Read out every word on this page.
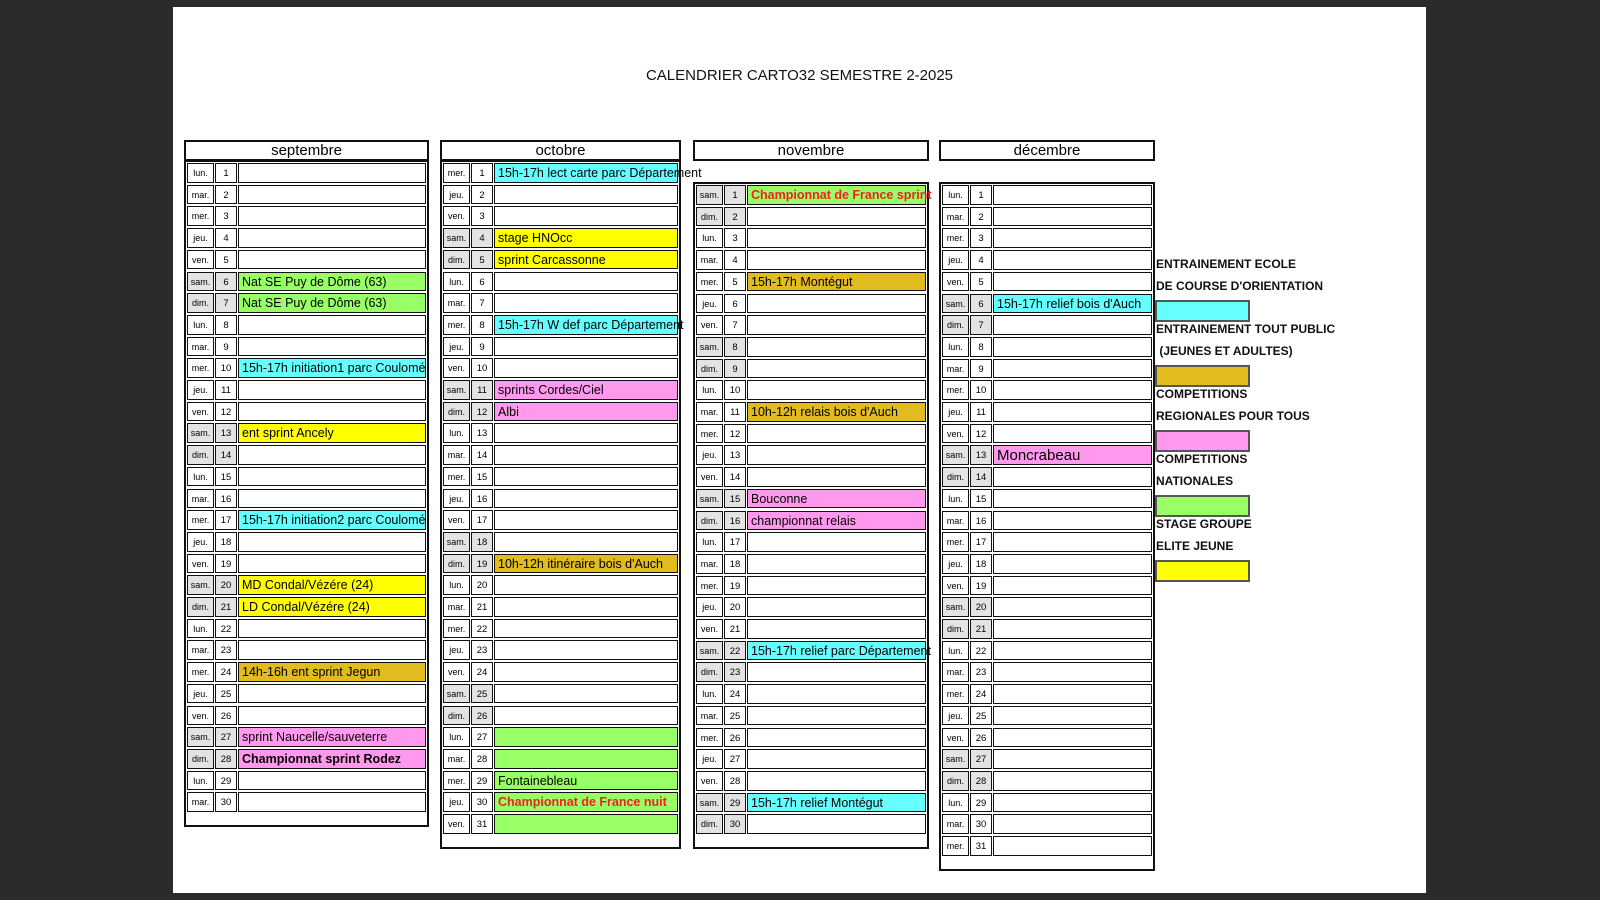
CALENDRIER CARTO32 SEMESTRE 2-2025
septembre
lun.	1
mar.	2
mer.	3
jeu.	4
ven.	5
sam.	6	Nat SE Puy de Dôme (63)
dim.	7	Nat SE Puy de Dôme (63)
lun.	8
mar.	9
mer.	10 15h-17h initiation1 parc Coulomé
jeu.	11
ven.	12
sam.	13 ent sprint Ancely
dim.	14
lun.	15
mar.	16
mer.	17 15h-17h initiation2 parc Coulomé
jeu.	18
ven.	19
sam.	20 MD Condal/Vézére (24)
dim.	21 LD Condal/Vézére (24)
lun.	22
mar.	23
mer.	24 14h-16h ent sprint Jegun
jeu.	25
ven.	26
sam.	27 sprint Naucelle/sauveterre
dim.	28 Championnat sprint Rodez
lun.	29
mar.	30
octobre
mer.	1	15h-17h lect carte parc Département
jeu.	2
ven.	3
sam.	4	stage HNOcc
dim.	5	sprint Carcassonne
lun.	6
mar.	7
mer.	8	15h-17h W def parc Département
jeu.	9
ven.	10
sam.	11 sprints Cordes/Ciel
dim.	12 Albi
lun.	13
mar.	14
mer.	15
jeu.	16
ven.	17
sam.	18
dim.	19 10h-12h itinéraire bois d'Auch
lun.	20
mar.	21
mer.	22
jeu.	23
ven.	24
sam.	25
dim.	26
lun.	27
mar.	28
mer.	29 Fontainebleau
jeu.	30 Championnat de France nuit
ven.	31
novembre
sam.	1	Championnat de France sprint
dim.	2
lun.	3
mar.	4
mer.	5	15h-17h Montégut
jeu.	6
ven.	7
sam.	8
dim.	9
lun.	10
mar.	11 10h-12h relais bois d'Auch
mer.	12
jeu.	13
ven.	14
sam.	15 Bouconne
dim.	16 championnat relais
lun.	17
mar.	18
mer.	19
jeu.	20
ven.	21
sam.	22 15h-17h relief parc Département
dim.	23
lun.	24
mar.	25
mer.	26
jeu.	27
ven.	28
sam.	29 15h-17h relief Montégut
dim.	30
décembre
lun.	1
mar.	2
mer.	3
jeu.	4
ven.	5
sam.	6	15h-17h relief bois d'Auch
dim.	7
lun.	8
mar.	9
mer.	10
jeu.	11
ven.	12
sam.	13 Moncrabeau
dim.	14
lun.	15
mar.	16
mer.	17
jeu.	18
ven.	19
sam.	20
dim.	21
lun.	22
mar.	23
mer.	24
jeu.	25
ven.	26
sam.	27
dim.	28
lun.	29
mar.	30
mer.	31
ENTRAINEMENT ECOLE
DE COURSE D'ORIENTATION
ENTRAINEMENT TOUT PUBLIC
(JEUNES ET ADULTES)
COMPETITIONS
REGIONALES POUR TOUS
COMPETITIONS
NATIONALES
STAGE GROUPE
ELITE JEUNE
